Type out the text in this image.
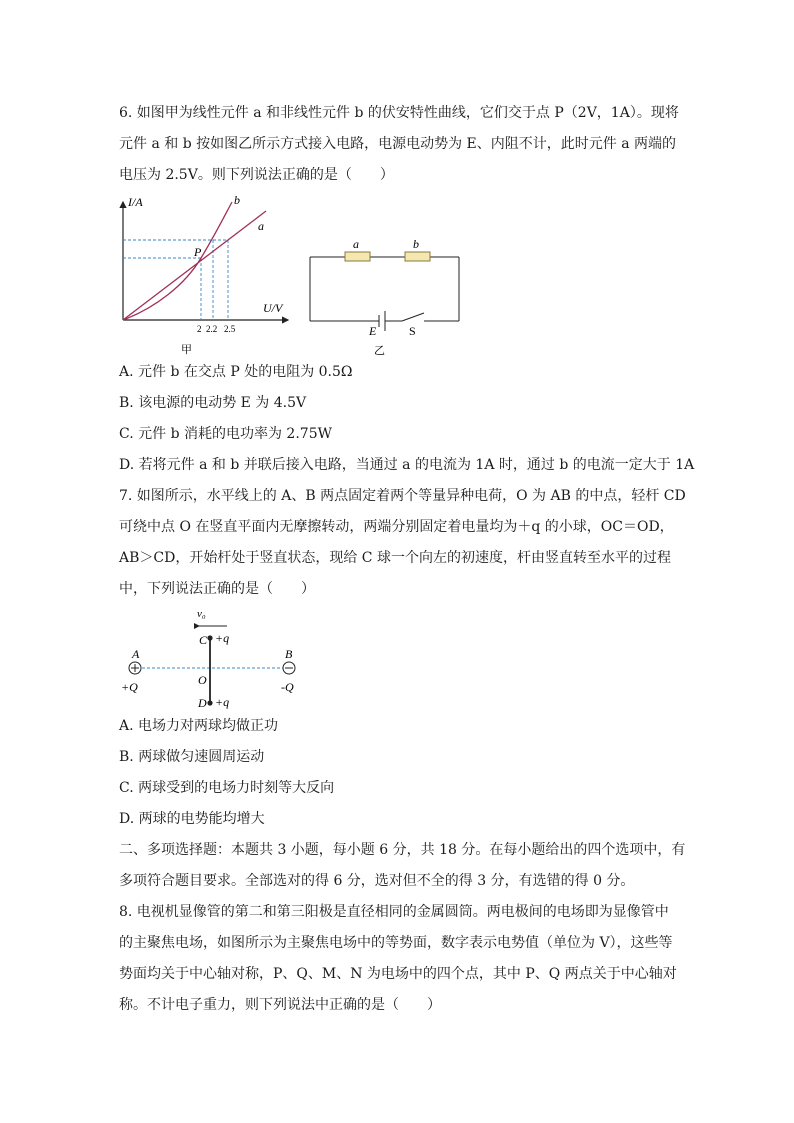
6. 如图甲为线性元件 a 和非线性元件 b 的伏安特性曲线，它们交于点 P（2V，1A）。现将
元件 a 和 b 按如图乙所示方式接入电路，电源电动势为 E、内阻不计，此时元件 a 两端的
电压为 2.5V。则下列说法正确的是（　　）
I/A
U/V
b
a
P
2 2.2 2.5
甲
a	b
E	S
乙
A. 元件 b 在交点 P 处的电阻为 0.5Ω
B. 该电源的电动势 E 为 4.5V
C. 元件 b 消耗的电功率为 2.75W
D. 若将元件 a 和 b 并联后接入电路，当通过 a 的电流为 1A 时，通过 b 的电流一定大于 1A
7. 如图所示，水平线上的 A、B 两点固定着两个等量异种电荷，O 为 AB 的中点，轻杆 CD
可绕中点 O 在竖直平面内无摩擦转动，两端分别固定着电量均为＋q 的小球，OC＝OD，
AB＞CD，开始杆处于竖直状态，现给 C 球一个向左的初速度，杆由竖直转至水平的过程
中，下列说法正确的是（　　）
v₀
C +q
A
+Q
B
-Q
O
D +q
A. 电场力对两球均做正功
B. 两球做匀速圆周运动
C. 两球受到的电场力时刻等大反向
D. 两球的电势能均增大
二、多项选择题：本题共 3 小题，每小题 6 分，共 18 分。在每小题给出的四个选项中，有
多项符合题目要求。全部选对的得 6 分，选对但不全的得 3 分，有选错的得 0 分。
8. 电视机显像管的第二和第三阳极是直径相同的金属圆筒。两电极间的电场即为显像管中
的主聚焦电场，如图所示为主聚焦电场中的等势面，数字表示电势值（单位为 V），这些等
势面均关于中心轴对称，P、Q、M、N 为电场中的四个点，其中 P、Q 两点关于中心轴对
称。不计电子重力，则下列说法中正确的是（　　）
